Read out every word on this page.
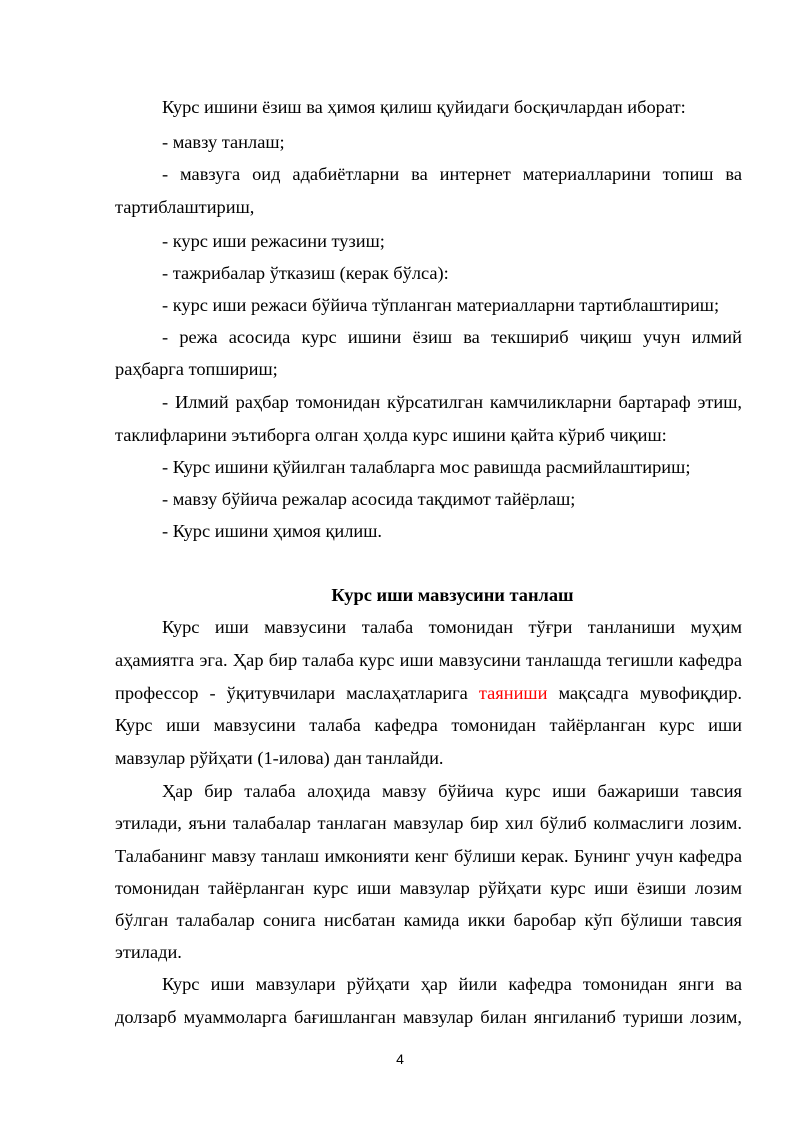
Курс ишини ёзиш ва ҳимоя қилиш қуйидаги босқичлардан иборат:
- мавзу танлаш;
- мавзуга оид адабиётларни ва интернет материалларини топиш ва
тартиблаштириш,
- курс иши режасини тузиш;
- тажрибалар ўтказиш (керак бўлса):
- курс иши режаси бўйича тўпланган материалларни тартиблаштириш;
- режа асосида курс ишини ёзиш ва текшириб чиқиш учун илмий
раҳбарга топшириш;
- Илмий раҳбар томонидан кўрсатилган камчиликларни бартараф этиш,
таклифларини эътиборга олган ҳолда курс ишини қайта кўриб чиқиш:
- Курс ишини қўйилган талабларга мос равишда расмийлаштириш;
- мавзу бўйича режалар асосида тақдимот тайёрлаш;
- Курс ишини ҳимоя қилиш.
Курс иши мавзусини танлаш
Курс иши мавзусини талаба томонидан тўғри танланиши муҳим
аҳамиятга эга. Ҳар бир талаба курс иши мавзусини танлашда тегишли кафедра
профессор - ўқитувчилари маслаҳатларига таяниши мақсадга мувофиқдир.
Курс иши мавзусини талаба кафедра томонидан тайёрланган курс иши
мавзулар рўйҳати (1-илова) дан танлайди.
Ҳар бир талаба алоҳида мавзу бўйича курс иши бажариши тавсия
этилади, яъни талабалар танлаган мавзулар бир хил бўлиб колмаслиги лозим.
Талабанинг мавзу танлаш имконияти кенг бўлиши керак. Бунинг учун кафедра
томонидан тайёрланган курс иши мавзулар рўйҳати курс иши ёзиши лозим
бўлган талабалар сонига нисбатан камида икки баробар кўп бўлиши тавсия
этилади.
Курс иши мавзулари рўйҳати ҳар йили кафедра томонидан янги ва
долзарб муаммоларга бағишланган мавзулар билан янгиланиб туриши лозим,
4
